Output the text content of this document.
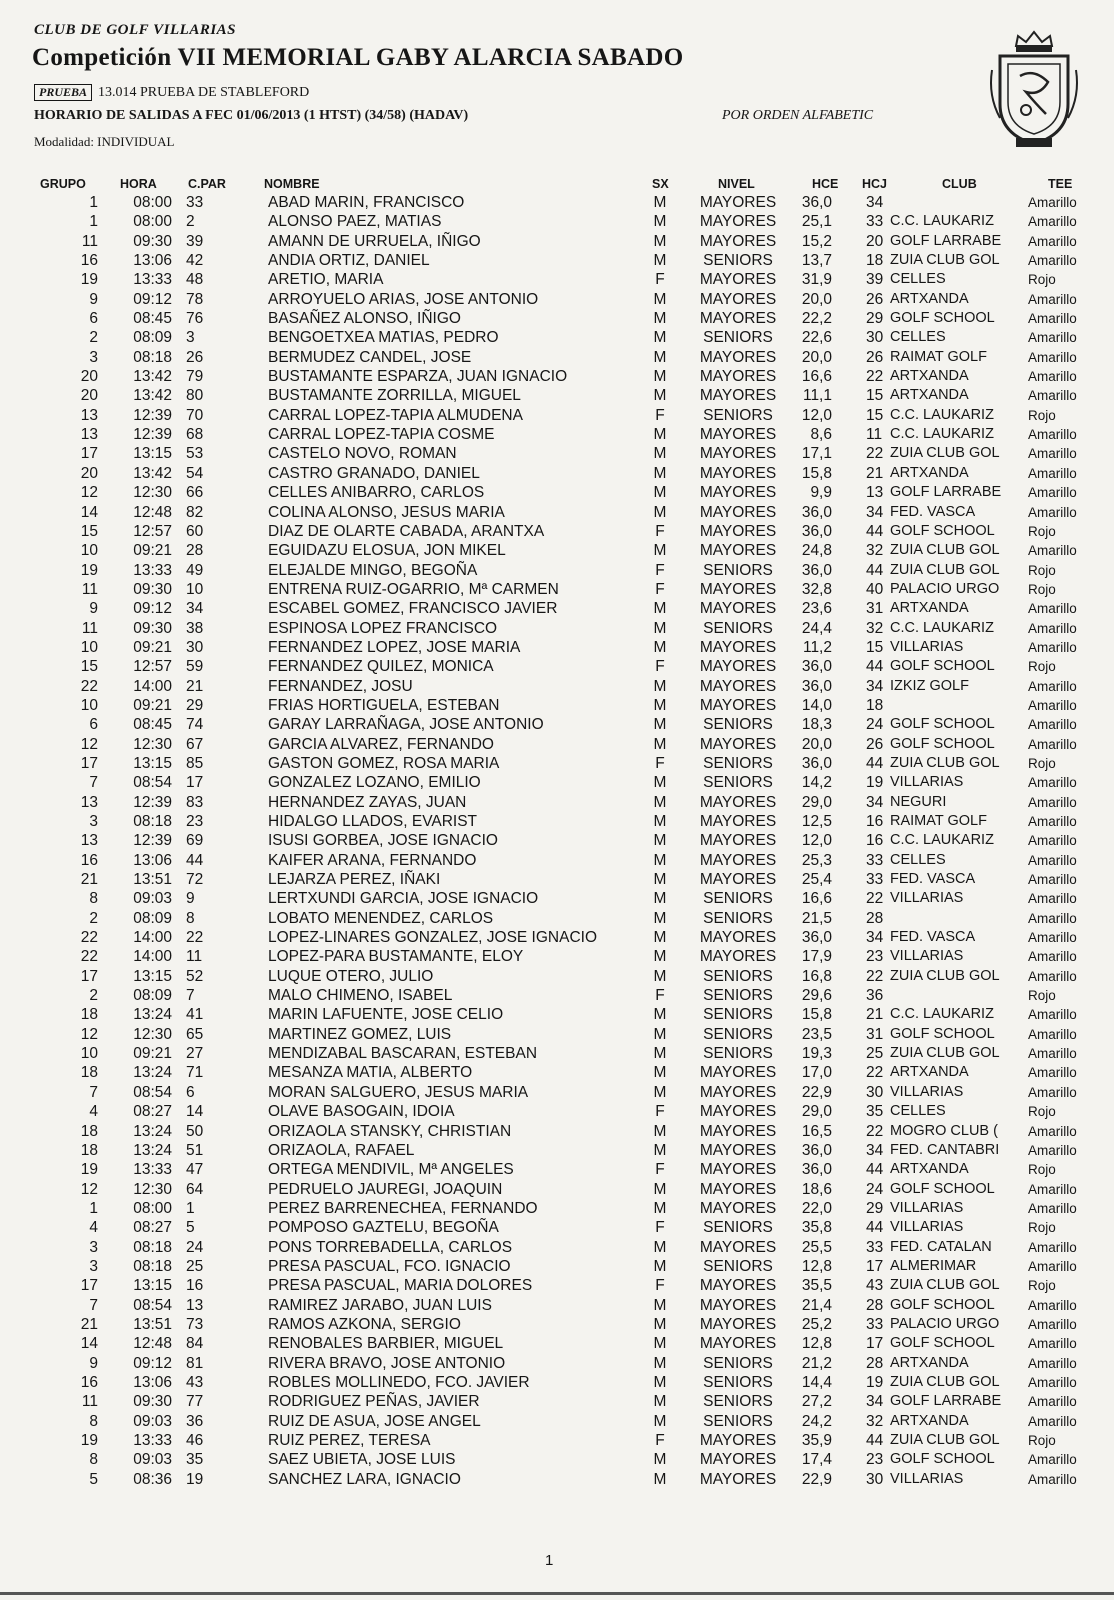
CLUB DE GOLF VILLARIAS
Competición VII MEMORIAL GABY ALARCIA SABADO
PRUEBA 13.014 PRUEBA DE STABLEFORD
HORARIO DE SALIDAS A FEC 01/06/2013 (1 HTST) (34/58) (HADAV)	POR ORDEN ALFABETIC
Modalidad: INDIVIDUAL
GRUPO	HORA C.PAR	NOMBRE	SX	NIVEL	HCE HCJ	CLUB	TEE
1	08:00 33	ABAD MARIN, FRANCISCO	M	MAYORES	36,0 34	Amarillo
1	08:00 2	ALONSO PAEZ, MATIAS	M	MAYORES	25,1 33 C.C. LAUKARIZ	Amarillo
11	09:30 39	AMANN DE URRUELA, IÑIGO	M	MAYORES	15,2 20 GOLF LARRABE	Amarillo
16	13:06 42	ANDIA ORTIZ, DANIEL	M	SENIORS	13,7 18 ZUIA CLUB GOL	Amarillo
19	13:33 48	ARETIO, MARIA	F	MAYORES	31,9 39 CELLES	Rojo
9	09:12 78	ARROYUELO ARIAS, JOSE ANTONIO	M	MAYORES	20,0 26 ARTXANDA	Amarillo
6	08:45 76	BASAÑEZ ALONSO, IÑIGO	M	MAYORES	22,2 29 GOLF SCHOOL	Amarillo
2	08:09 3	BENGOETXEA MATIAS, PEDRO	M	SENIORS	22,6 30 CELLES	Amarillo
3	08:18 26	BERMUDEZ CANDEL, JOSE	M	MAYORES	20,0 26 RAIMAT GOLF	Amarillo
20	13:42 79	BUSTAMANTE ESPARZA, JUAN IGNACIO	M	MAYORES	16,6 22 ARTXANDA	Amarillo
20	13:42 80	BUSTAMANTE ZORRILLA, MIGUEL	M	MAYORES	11,1 15 ARTXANDA	Amarillo
13	12:39 70	CARRAL LOPEZ-TAPIA ALMUDENA	F	SENIORS	12,0 15 C.C. LAUKARIZ	Rojo
13	12:39 68	CARRAL LOPEZ-TAPIA COSME	M	MAYORES	8,6 11 C.C. LAUKARIZ	Amarillo
17	13:15 53	CASTELO NOVO, ROMAN	M	MAYORES	17,1 22 ZUIA CLUB GOL	Amarillo
20	13:42 54	CASTRO GRANADO, DANIEL	M	MAYORES	15,8 21 ARTXANDA	Amarillo
12	12:30 66	CELLES ANIBARRO, CARLOS	M	MAYORES	9,9 13 GOLF LARRABE	Amarillo
14	12:48 82	COLINA ALONSO, JESUS MARIA	M	MAYORES	36,0 34 FED. VASCA	Amarillo
15	12:57 60	DIAZ DE OLARTE CABADA, ARANTXA	F	MAYORES	36,0 44 GOLF SCHOOL	Rojo
10	09:21 28	EGUIDAZU ELOSUA, JON MIKEL	M	MAYORES	24,8 32 ZUIA CLUB GOL	Amarillo
19	13:33 49	ELEJALDE MINGO, BEGOÑA	F	SENIORS	36,0 44 ZUIA CLUB GOL	Rojo
11	09:30 10	ENTRENA RUIZ-OGARRIO, Mª CARMEN	F	MAYORES	32,8 40 PALACIO URGO	Rojo
9	09:12 34	ESCABEL GOMEZ, FRANCISCO JAVIER	M	MAYORES	23,6 31 ARTXANDA	Amarillo
11	09:30 38	ESPINOSA LOPEZ FRANCISCO	M	SENIORS	24,4 32 C.C. LAUKARIZ	Amarillo
10	09:21 30	FERNANDEZ LOPEZ, JOSE MARIA	M	MAYORES	11,2 15 VILLARIAS	Amarillo
15	12:57 59	FERNANDEZ QUILEZ, MONICA	F	MAYORES	36,0 44 GOLF SCHOOL	Rojo
22	14:00 21	FERNANDEZ, JOSU	M	MAYORES	36,0 34 IZKIZ GOLF	Amarillo
10	09:21 29	FRIAS HORTIGUELA, ESTEBAN	M	MAYORES	14,0 18	Amarillo
6	08:45 74	GARAY LARRAÑAGA, JOSE ANTONIO	M	SENIORS	18,3 24 GOLF SCHOOL	Amarillo
12	12:30 67	GARCIA ALVAREZ, FERNANDO	M	MAYORES	20,0 26 GOLF SCHOOL	Amarillo
17	13:15 85	GASTON GOMEZ, ROSA MARIA	F	SENIORS	36,0 44 ZUIA CLUB GOL	Rojo
7	08:54 17	GONZALEZ LOZANO, EMILIO	M	SENIORS	14,2 19 VILLARIAS	Amarillo
13	12:39 83	HERNANDEZ ZAYAS, JUAN	M	MAYORES	29,0 34 NEGURI	Amarillo
3	08:18 23	HIDALGO LLADOS, EVARIST	M	MAYORES	12,5 16 RAIMAT GOLF	Amarillo
13	12:39 69	ISUSI GORBEA, JOSE IGNACIO	M	MAYORES	12,0 16 C.C. LAUKARIZ	Amarillo
16	13:06 44	KAIFER ARANA, FERNANDO	M	MAYORES	25,3 33 CELLES	Amarillo
21	13:51 72	LEJARZA PEREZ, IÑAKI	M	MAYORES	25,4 33 FED. VASCA	Amarillo
8	09:03 9	LERTXUNDI GARCIA, JOSE IGNACIO	M	SENIORS	16,6 22 VILLARIAS	Amarillo
2	08:09 8	LOBATO MENENDEZ, CARLOS	M	SENIORS	21,5 28	Amarillo
22	14:00 22	LOPEZ-LINARES GONZALEZ, JOSE IGNACIO	M	MAYORES	36,0 34 FED. VASCA	Amarillo
22	14:00 11	LOPEZ-PARA BUSTAMANTE, ELOY	M	MAYORES	17,9 23 VILLARIAS	Amarillo
17	13:15 52	LUQUE OTERO, JULIO	M	SENIORS	16,8 22 ZUIA CLUB GOL	Amarillo
2	08:09 7	MALO CHIMENO, ISABEL	F	SENIORS	29,6 36	Rojo
18	13:24 41	MARIN LAFUENTE, JOSE CELIO	M	SENIORS	15,8 21 C.C. LAUKARIZ	Amarillo
12	12:30 65	MARTINEZ GOMEZ, LUIS	M	SENIORS	23,5 31 GOLF SCHOOL	Amarillo
10	09:21 27	MENDIZABAL BASCARAN, ESTEBAN	M	SENIORS	19,3 25 ZUIA CLUB GOL	Amarillo
18	13:24 71	MESANZA MATIA, ALBERTO	M	MAYORES	17,0 22 ARTXANDA	Amarillo
7	08:54 6	MORAN SALGUERO, JESUS MARIA	M	MAYORES	22,9 30 VILLARIAS	Amarillo
4	08:27 14	OLAVE BASOGAIN, IDOIA	F	MAYORES	29,0 35 CELLES	Rojo
18	13:24 50	ORIZAOLA STANSKY, CHRISTIAN	M	MAYORES	16,5 22 MOGRO CLUB (	Amarillo
18	13:24 51	ORIZAOLA, RAFAEL	M	MAYORES	36,0 34 FED. CANTABRI	Amarillo
19	13:33 47	ORTEGA MENDIVIL, Mª ANGELES	F	MAYORES	36,0 44 ARTXANDA	Rojo
12	12:30 64	PEDRUELO JAUREGI, JOAQUIN	M	MAYORES	18,6 24 GOLF SCHOOL	Amarillo
1	08:00 1	PEREZ BARRENECHEA, FERNANDO	M	MAYORES	22,0 29 VILLARIAS	Amarillo
4	08:27 5	POMPOSO GAZTELU, BEGOÑA	F	SENIORS	35,8 44 VILLARIAS	Rojo
3	08:18 24	PONS TORREBADELLA, CARLOS	M	MAYORES	25,5 33 FED. CATALAN	Amarillo
3	08:18 25	PRESA PASCUAL, FCO. IGNACIO	M	SENIORS	12,8 17 ALMERIMAR	Amarillo
17	13:15 16	PRESA PASCUAL, MARIA DOLORES	F	MAYORES	35,5 43 ZUIA CLUB GOL	Rojo
7	08:54 13	RAMIREZ JARABO, JUAN LUIS	M	MAYORES	21,4 28 GOLF SCHOOL	Amarillo
21	13:51 73	RAMOS AZKONA, SERGIO	M	MAYORES	25,2 33 PALACIO URGO	Amarillo
14	12:48 84	RENOBALES BARBIER, MIGUEL	M	MAYORES	12,8 17 GOLF SCHOOL	Amarillo
9	09:12 81	RIVERA BRAVO, JOSE ANTONIO	M	SENIORS	21,2 28 ARTXANDA	Amarillo
16	13:06 43	ROBLES MOLLINEDO, FCO. JAVIER	M	SENIORS	14,4 19 ZUIA CLUB GOL	Amarillo
11	09:30 77	RODRIGUEZ PEÑAS, JAVIER	M	SENIORS	27,2 34 GOLF LARRABE	Amarillo
8	09:03 36	RUIZ DE ASUA, JOSE ANGEL	M	SENIORS	24,2 32 ARTXANDA	Amarillo
19	13:33 46	RUIZ PEREZ, TERESA	F	MAYORES	35,9 44 ZUIA CLUB GOL	Rojo
8	09:03 35	SAEZ UBIETA, JOSE LUIS	M	MAYORES	17,4 23 GOLF SCHOOL	Amarillo
5	08:36 19	SANCHEZ LARA, IGNACIO	M	MAYORES	22,9 30 VILLARIAS	Amarillo
1
